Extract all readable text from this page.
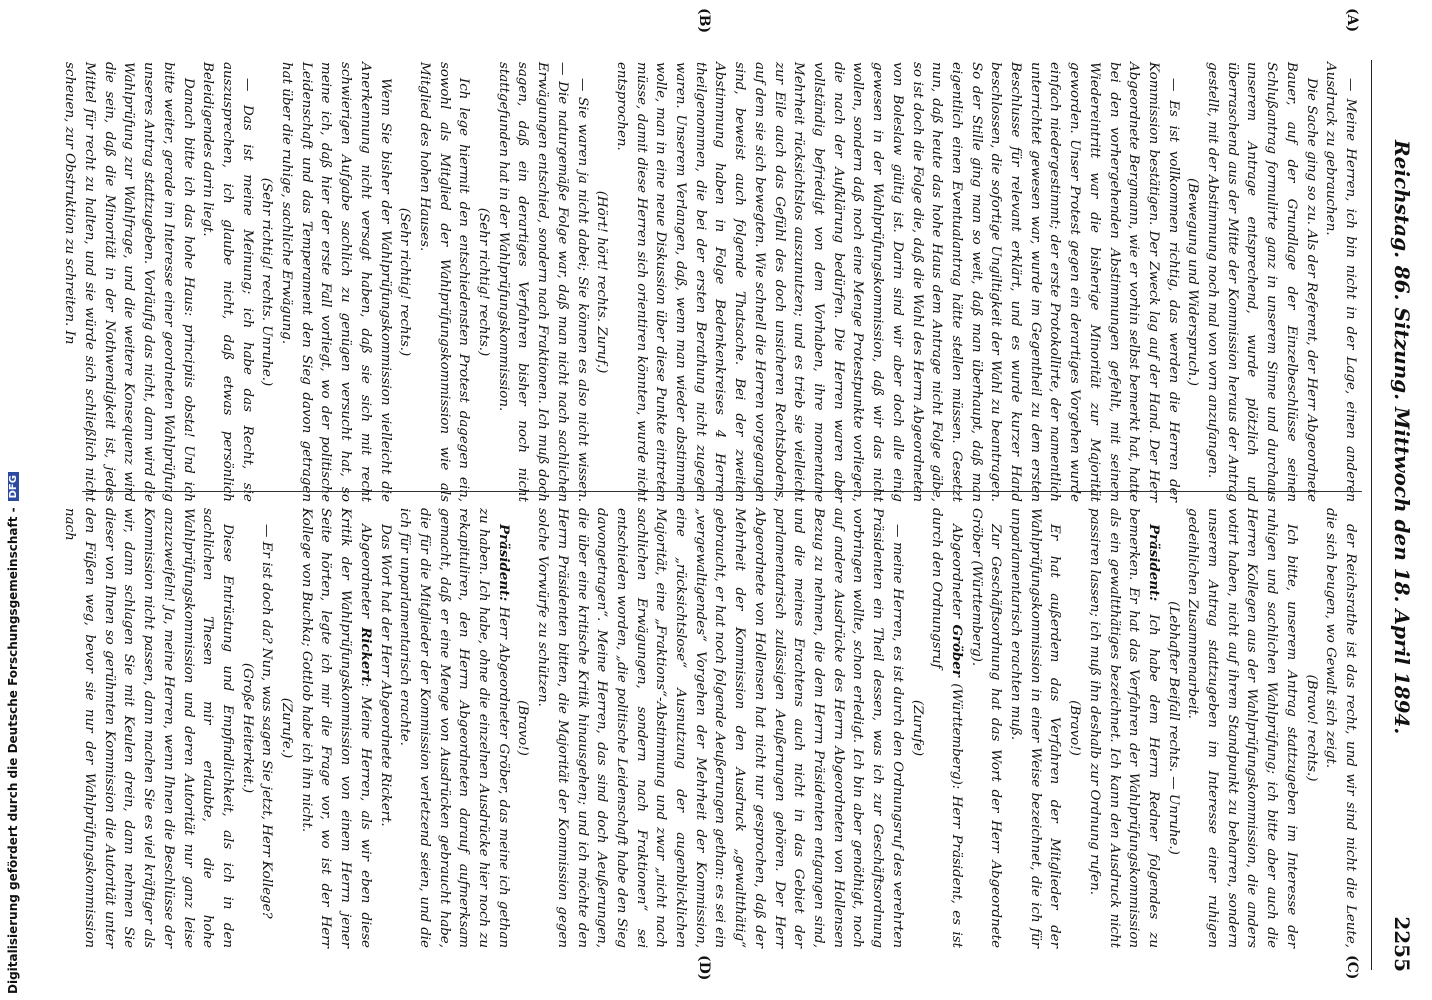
Reichstag.
86. Sitzung. Mittwoch den 18. April 1894.
2255
(A)
(B)
(C)
(D)

— Meine Herren, ich bin nicht in der Lage, einen anderen Ausdruck zu gebrauchen.

Die Sache ging so zu. Als der Referent, der Herr Abgeordnete Bauer, auf der Grundlage der Einzelbeschlüsse seinen Schlußantrag formulirte ganz in unserem Sinne und durchaus unserem Antrage entsprechend, wurde plötzlich und überraschend aus der Mitte der Kommission heraus der Antrag gestellt, mit der Abstimmung noch mal von vorn anzufangen.

(Bewegung und Widerspruch.)

— Es ist vollkommen richtig, das werden die Herren der Kommission bestätigen. Der Zweck lag auf der Hand. Der Herr Abgeordnete Bergmann, wie er vorhin selbst bemerkt hat, hatte bei den vorhergehenden Abstimmungen gefehlt, mit seinem Wiedereintritt war die bisherige Minorität zur Majorität geworden. Unser Protest gegen ein derartiges Vorgehen wurde einfach niedergestimmt; der erste Protokollirte, der namentlich unterrichtet gewesen war, wurde im Gegentheil zu dem ersten Beschlusse für relevant erklärt, und es wurde kurzer Hand beschlossen, die sofortige Ungiltigkeit der Wahl zu beantragen. So der Stille ging man so weit, daß man überhaupt, daß man eigentlich einen Eventualantrag hätte stellen müssen. Gesetzt nun, daß heute das hohe Haus dem Antrage nicht Folge gäbe, so ist doch die Folge die, daß die Wahl des Herrn Abgeordneten von Boleslaw gültig ist. Darin sind wir aber doch alle einig gewesen in der Wahlprüfungskommission, daß wir das nicht wollen, sondern daß noch eine Menge Protestpunkte vorliegen, die nach der Aufklärung bedürfen. Die Herren waren aber vollständig befriedigt von dem Vorhaben, ihre momentane Mehrheit rücksichtslos auszunutzen; und es trieb sie vielleicht zur Eile auch das Gefühl des doch unsicheren Rechtsbodens, auf dem sie sich bewegten. Wie schnell die Herren vorgegangen sind, beweist auch folgende Thatsache. Bei der zweiten Abstimmung haben in Folge Bedenkenkreises 4 Herren theilgenommen, die bei der ersten Berathung nicht zugegen waren. Unserem Verlangen, daß, wenn man wieder abstimmen wolle, man in eine neue Diskussion über diese Punkte eintreten müsse, damit diese Herren sich orientiren könnten, wurde nicht entsprochen.

(Hört! hört! rechts. Zuruf.)

— Sie waren ja nicht dabei; Sie können es also nicht wissen. — Die naturgemäße Folge war, daß man nicht nach sachlichen Erwägungen entschied, sondern nach Fraktionen. Ich muß doch sagen, daß ein derartiges Verfahren bisher noch nicht stattgefunden hat in der Wahlprüfungskommission.

(Sehr richtig! rechts.)

Ich lege hiermit den entschiedensten Protest dagegen ein, sowohl als Mitglied der Wahlprüfungskommission wie als Mitglied des hohen Hauses.

(Sehr richtig! rechts.)

Wenn Sie bisher der Wahlprüfungskommission vielleicht die Anerkennung nicht versagt haben, daß sie sich mit recht schwierigen Aufgabe sachlich zu genügen versucht hat, so meine ich, daß hier der erste Fall vorliegt, wo der politische Leidenschaft und das Temperament den Sieg davon getragen hat über die ruhige, sachliche Erwägung.

(Sehr richtig! rechts. Unruhe.)

— Das ist meine Meinung; ich habe das Recht, sie auszusprechen, ich glaube nicht, daß etwas persönlich Beleidigendes darin liegt.

Danach bitte ich das hohe Haus: principiis obsta! Und ich bitte weiter, gerade im Interesse einer geordneten Wahlprüfung unseres Antrag stattzugeben. Vorläufig das nicht, dann wird die Wahlprüfung zur Wahlfrage, und die weitere Konsequenz wird die sein, daß die Minorität in der Nothwendigkeit ist, jedes Mittel für recht zu halten, und sie würde sich schließlich nicht scheuen, zur Obstruktion zu schreiten. In

der Reichsrathe ist das recht, und wir sind nicht die Leute, die sich beugen, wo Gewalt sich zeigt.

(Bravo! rechts.)

Ich bitte, unserem Antrag stattzugeben im Interesse der ruhigen und sachlichen Wahlprüfung; ich bitte aber auch die Herren Kollegen aus der Wahlprüfungskommission, die anders votirt haben, nicht auf ihrem Standpunkt zu beharren, sondern unserem Antrag stattzugeben im Interesse einer ruhigen gedeihlichen Zusammenarbeit.

(Lebhafter Beifall rechts. — Unruhe.)

Präsident: Ich habe dem Herrn Redner folgendes zu bemerken. Er hat das Verfahren der Wahlprüfungskommission als ein gewaltthätiges bezeichnet. Ich kann den Ausdruck nicht passiren lassen; ich muß ihn deshalb zur Ordnung rufen.

(Bravo!)

Er hat außerdem das Verfahren der Mitglieder der Wahlprüfungskommission in einer Weise bezeichnet, die ich für unparlamentarisch erachten muß.

Zur Geschäftsordnung hat das Wort der Herr Abgeordnete Gröber (Württemberg).

Abgeordneter Gröber (Württemberg): Herr Präsident, es ist durch den Ordnungsruf

(Zurufe)

— meine Herren, es ist durch den Ordnungsruf des verehrten Präsidenten ein Theil dessen, was ich zur Geschäftsordnung vorbringen wollte, schon erledigt. Ich bin aber genöthigt, noch auf andere Ausdrücke des Herrn Abgeordneten von Hollensen Bezug zu nehmen, die dem Herrn Präsidenten entgangen sind, und die meines Erachtens auch nicht in das Gebiet der parlamentarisch zulässigen Aeußerungen gehören. Der Herr Abgeordnete von Hollensen hat nicht nur gesprochen, daß der Mehrheit der Kommission den Ausdruck „gewaltthätig“ gebraucht, er hat noch folgende Aeußerungen gethan: es sei ein „vergewaltigendes“ Vorgehen der Mehrheit der Kommission, eine „rücksichtslose“ Ausnutzung der augenblicklichen Majorität, eine „Fraktions“-Abstimmung und zwar „nicht nach sachlichen Erwägungen, sondern nach Fraktionen“ sei entschieden worden, „die politische Leidenschaft habe den Sieg davongetragen“. Meine Herren, das sind doch Aeußerungen, die über eine kritische Kritik hinausgehen; und ich möchte den Herrn Präsidenten bitten, die Majorität der Kommission gegen solche Vorwürfe zu schützen.

(Bravo!)

Präsident: Herr Abgeordneter Gröber, das meine ich gethan zu haben. Ich habe, ohne die einzelnen Ausdrücke hier noch zu rekapituliren, den Herrn Abgeordneten darauf aufmerksam gemacht, daß er eine Menge von Ausdrücken gebraucht habe, die für die Mitglieder der Kommission verletzend seien, und die ich für unparlamentarisch erachte.

Das Wort hat der Herr Abgeordnete Rickert.

Abgeordneter Rickert: Meine Herren, als wir eben diese Kritik der Wahlprüfungskommission von einem Herrn jener Seite hörten, legte ich mir die Frage vor, wo ist der Herr Kollege von Buchka; Gottlob habe ich ihn nicht.

(Zurufe.)

— Er ist doch da? Nun, was sagen Sie jetzt, Herr Kollege?

(Große Heiterkeit.)

Diese Entrüstung und Empfindlichkeit, als ich in den sachlichen Thesen mir erlaubte, die hohe Wahlprüfungskommission und deren Autorität nur ganz leise anzuzweifeln! Ja, meine Herren, wenn Ihnen die Beschlüsse der Kommission nicht passen, dann machen Sie es viel kräftiger als wir, dann schlagen Sie mit Keulen drein, dann nehmen Sie dieser von Ihnen so gerühmten Kommission die Autorität unter den Füßen weg, bevor sie nur der Wahlprüfungskommission nach

Digitalisierung gefördert durch die Deutsche Forschungsgemeinschaft -DFG
